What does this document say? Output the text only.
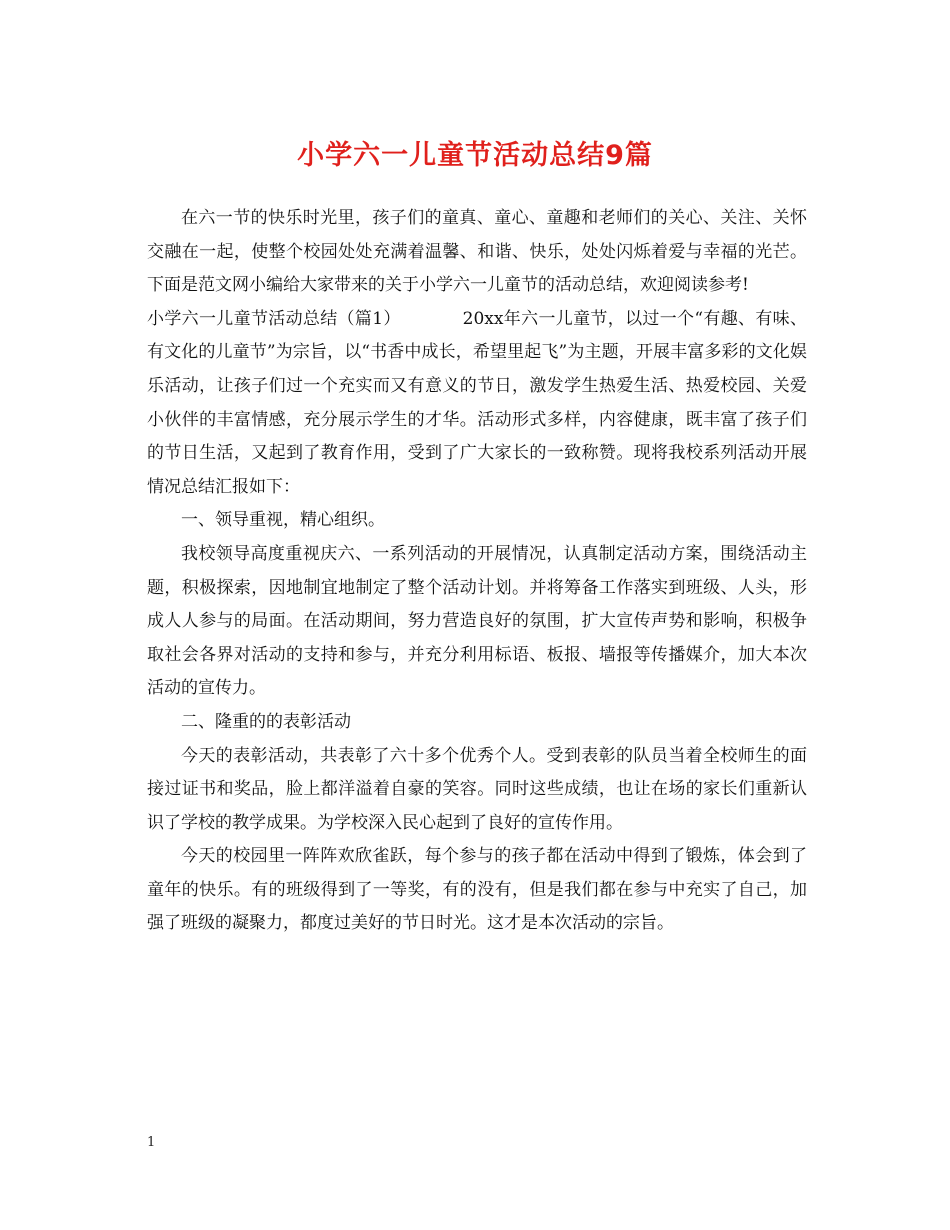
小学六一儿童节活动总结9篇

在六一节的快乐时光里，孩子们的童真、童心、童趣和老师们的关心、关注、关怀交融在一起，使整个校园处处充满着温馨、和谐、快乐，处处闪烁着爱与幸福的光芒。下面是范文网小编给大家带来的关于小学六一儿童节的活动总结，欢迎阅读参考!

小学六一儿童节活动总结（篇1）	20xx年六一儿童节，以过一个“有趣、有味、有文化的儿童节”为宗旨，以“书香中成长，希望里起飞”为主题，开展丰富多彩的文化娱乐活动，让孩子们过一个充实而又有意义的节日，激发学生热爱生活、热爱校园、关爱小伙伴的丰富情感，充分展示学生的才华。活动形式多样，内容健康，既丰富了孩子们的节日生活，又起到了教育作用，受到了广大家长的一致称赞。现将我校系列活动开展情况总结汇报如下：

一、领导重视，精心组织。

我校领导高度重视庆六、一系列活动的开展情况，认真制定活动方案，围绕活动主题，积极探索，因地制宜地制定了整个活动计划。并将筹备工作落实到班级、人头，形成人人参与的局面。在活动期间，努力营造良好的氛围，扩大宣传声势和影响，积极争取社会各界对活动的支持和参与，并充分利用标语、板报、墙报等传播媒介，加大本次活动的宣传力。

二、隆重的的表彰活动

今天的表彰活动，共表彰了六十多个优秀个人。受到表彰的队员当着全校师生的面接过证书和奖品，脸上都洋溢着自豪的笑容。同时这些成绩，也让在场的家长们重新认识了学校的教学成果。为学校深入民心起到了良好的宣传作用。

今天的校园里一阵阵欢欣雀跃，每个参与的孩子都在活动中得到了锻炼，体会到了童年的快乐。有的班级得到了一等奖，有的没有，但是我们都在参与中充实了自己，加强了班级的凝聚力，都度过美好的节日时光。这才是本次活动的宗旨。

1
